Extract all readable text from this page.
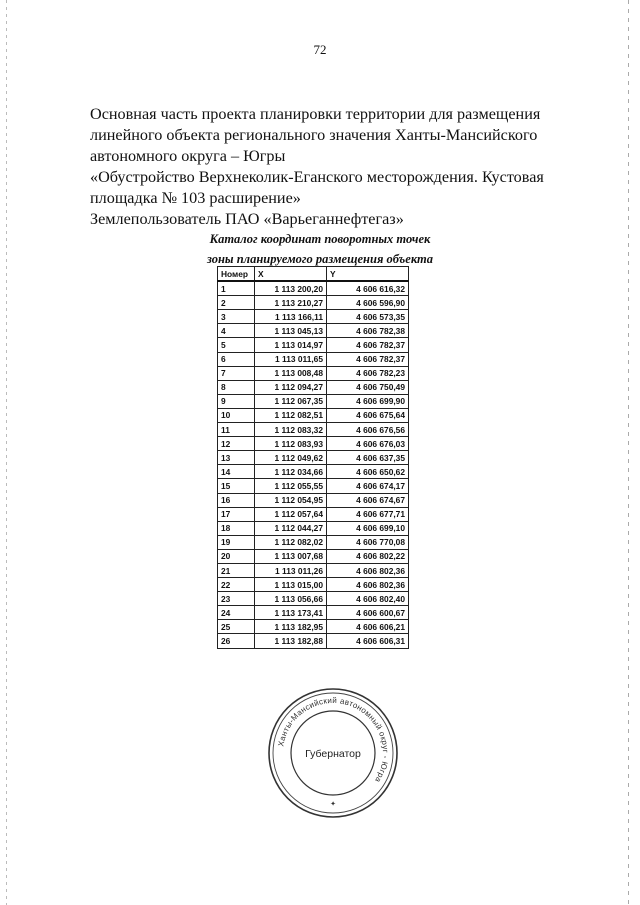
72
Основная часть проекта планировки территории для размещения
линейного объекта регионального значения Ханты-Мансийского
автономного округа – Югры
«Обустройство Верхнеколик-Еганского месторождения. Кустовая
площадка № 103 расширение»
Землепользователь ПАО «Варьеганнефтегаз»
Каталог координат поворотных точек
зоны планируемого размещения объекта
Номер	X	Y
1	1 113 200,20	4 606 616,32
2	1 113 210,27	4 606 596,90
3	1 113 166,11	4 606 573,35
4	1 113 045,13	4 606 782,38
5	1 113 014,97	4 606 782,37
6	1 113 011,65	4 606 782,37
7	1 113 008,48	4 606 782,23
8	1 112 094,27	4 606 750,49
9	1 112 067,35	4 606 699,90
10	1 112 082,51	4 606 675,64
11	1 112 083,32	4 606 676,56
12	1 112 083,93	4 606 676,03
13	1 112 049,62	4 606 637,35
14	1 112 034,66	4 606 650,62
15	1 112 055,55	4 606 674,17
16	1 112 054,95	4 606 674,67
17	1 112 057,64	4 606 677,71
18	1 112 044,27	4 606 699,10
19	1 112 082,02	4 606 770,08
20	1 113 007,68	4 606 802,22
21	1 113 011,26	4 606 802,36
22	1 113 015,00	4 606 802,36
23	1 113 056,66	4 606 802,40
24	1 113 173,41	4 606 600,67
25	1 113 182,95	4 606 606,21
26	1 113 182,88	4 606 606,31
Ханты-Мансийский автономный округ - Югра
Губернатор
✦
